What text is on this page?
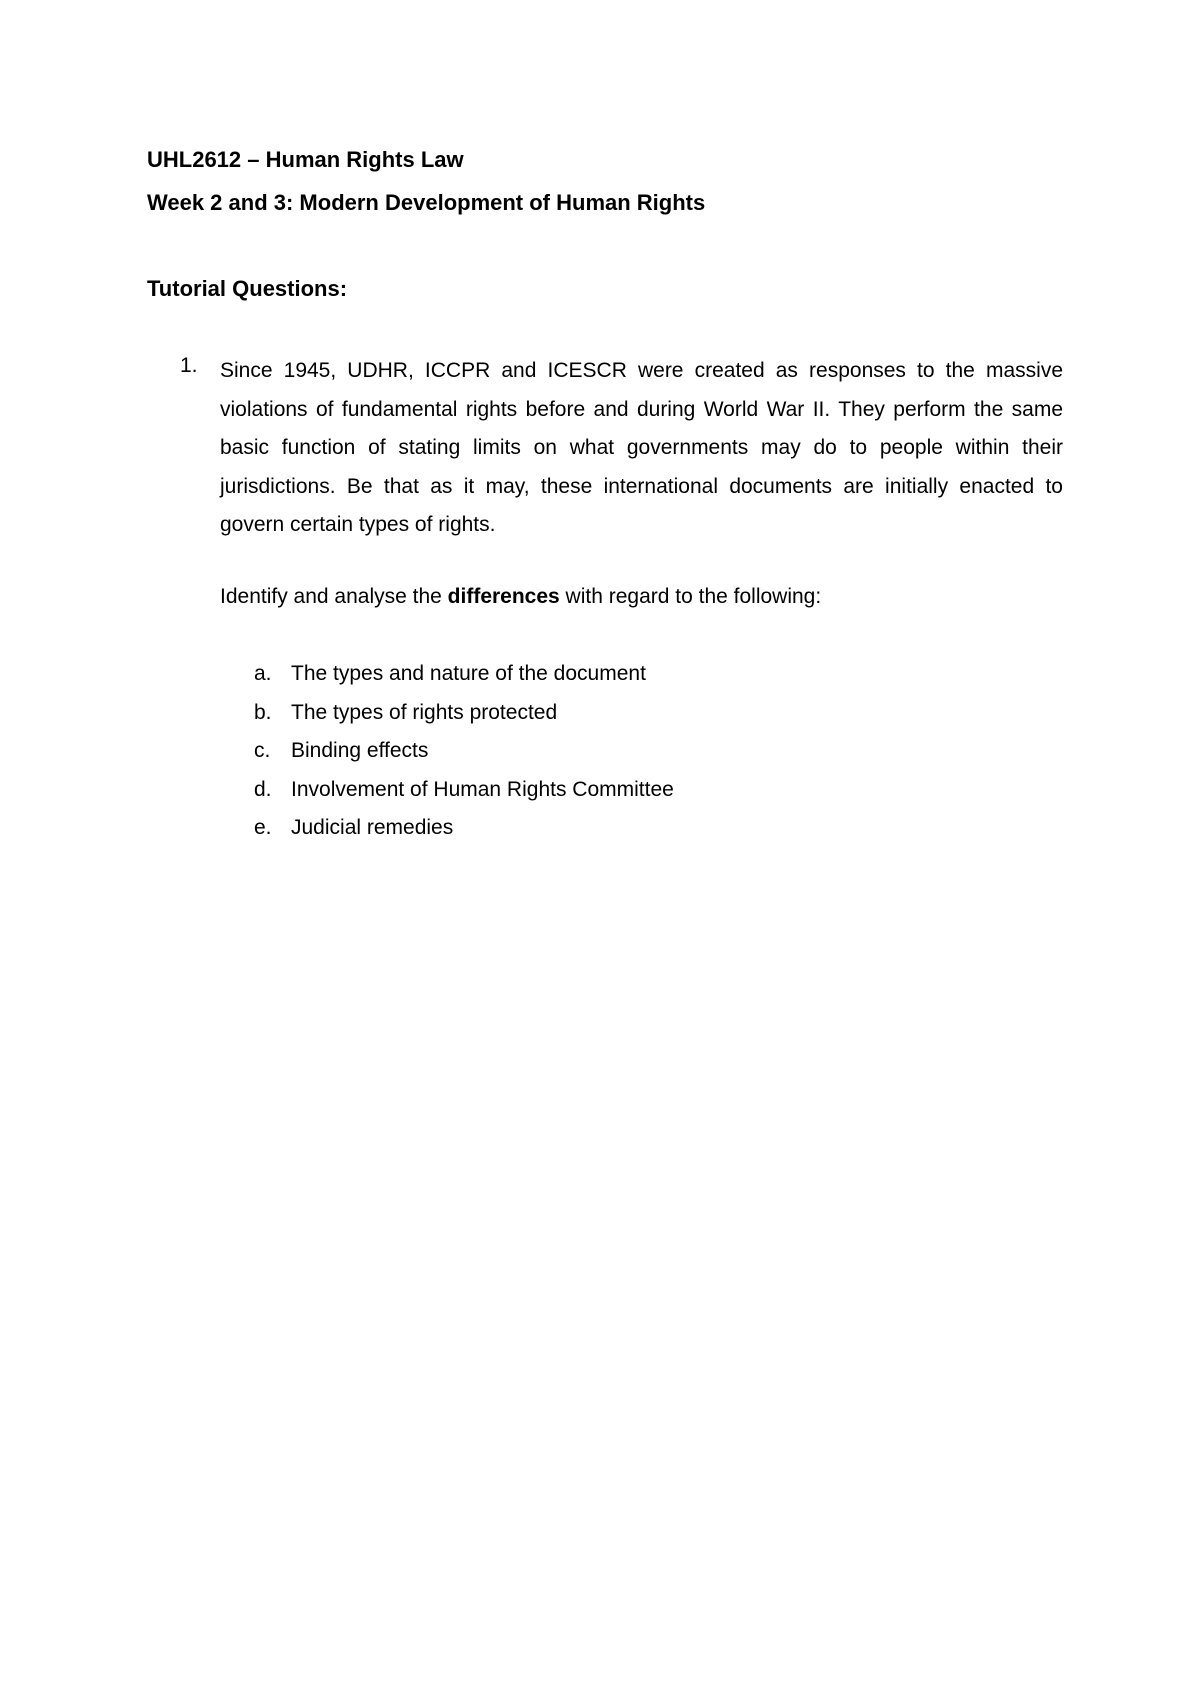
UHL2612 – Human Rights Law
Week 2 and 3: Modern Development of Human Rights
Tutorial Questions:
1. Since 1945, UDHR, ICCPR and ICESCR were created as responses to the massive violations of fundamental rights before and during World War II. They perform the same basic function of stating limits on what governments may do to people within their jurisdictions. Be that as it may, these international documents are initially enacted to govern certain types of rights.
Identify and analyse the differences with regard to the following:
a. The types and nature of the document
b. The types of rights protected
c. Binding effects
d. Involvement of Human Rights Committee
e. Judicial remedies
